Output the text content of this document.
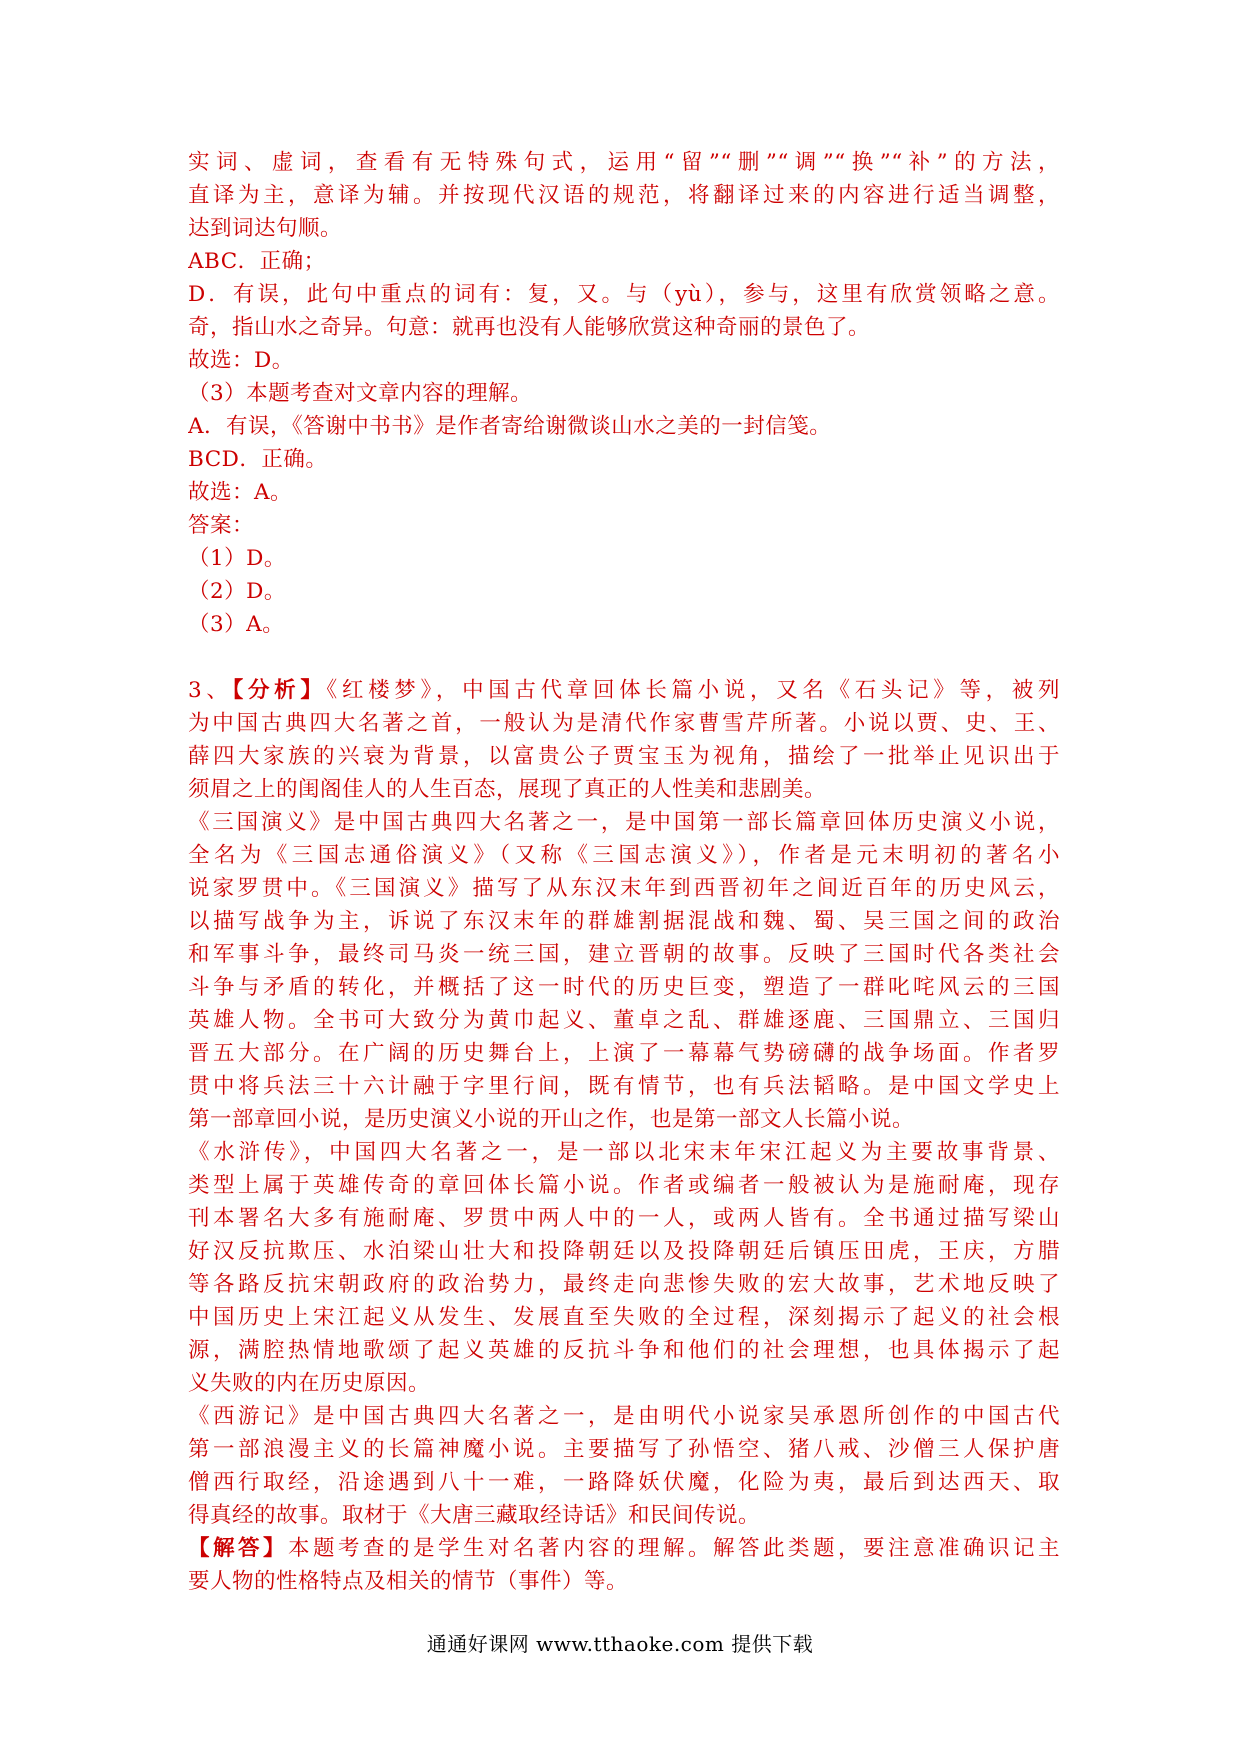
实词、虚词，查看有无特殊句式，运用“留”“删”“调”“换”“补”的方法，
直译为主，意译为辅。并按现代汉语的规范，将翻译过来的内容进行适当调整，
达到词达句顺。
ABC．正确；
D．有误，此句中重点的词有：复，又。与（yù），参与，这里有欣赏领略之意。
奇，指山水之奇异。句意：就再也没有人能够欣赏这种奇丽的景色了。
故选：D。
（3）本题考查对文章内容的理解。
A．有误，《答谢中书书》是作者寄给谢微谈山水之美的一封信笺。
BCD．正确。
故选：A。
答案：
（1）D。
（2）D。
（3）A。
3、【分析】《红楼梦》，中国古代章回体长篇小说，又名《石头记》等，被列
为中国古典四大名著之首，一般认为是清代作家曹雪芹所著。小说以贾、史、王、
薛四大家族的兴衰为背景，以富贵公子贾宝玉为视角，描绘了一批举止见识出于
须眉之上的闺阁佳人的人生百态，展现了真正的人性美和悲剧美。
《三国演义》是中国古典四大名著之一，是中国第一部长篇章回体历史演义小说，
全名为《三国志通俗演义》（又称《三国志演义》），作者是元末明初的著名小
说家罗贯中。《三国演义》描写了从东汉末年到西晋初年之间近百年的历史风云，
以描写战争为主，诉说了东汉末年的群雄割据混战和魏、蜀、吴三国之间的政治
和军事斗争，最终司马炎一统三国，建立晋朝的故事。反映了三国时代各类社会
斗争与矛盾的转化，并概括了这一时代的历史巨变，塑造了一群叱咤风云的三国
英雄人物。全书可大致分为黄巾起义、董卓之乱、群雄逐鹿、三国鼎立、三国归
晋五大部分。在广阔的历史舞台上，上演了一幕幕气势磅礴的战争场面。作者罗
贯中将兵法三十六计融于字里行间，既有情节，也有兵法韬略。是中国文学史上
第一部章回小说，是历史演义小说的开山之作，也是第一部文人长篇小说。
《水浒传》，中国四大名著之一，是一部以北宋末年宋江起义为主要故事背景、
类型上属于英雄传奇的章回体长篇小说。作者或编者一般被认为是施耐庵，现存
刊本署名大多有施耐庵、罗贯中两人中的一人，或两人皆有。全书通过描写梁山
好汉反抗欺压、水泊梁山壮大和投降朝廷以及投降朝廷后镇压田虎，王庆，方腊
等各路反抗宋朝政府的政治势力，最终走向悲惨失败的宏大故事，艺术地反映了
中国历史上宋江起义从发生、发展直至失败的全过程，深刻揭示了起义的社会根
源，满腔热情地歌颂了起义英雄的反抗斗争和他们的社会理想，也具体揭示了起
义失败的内在历史原因。
《西游记》是中国古典四大名著之一，是由明代小说家吴承恩所创作的中国古代
第一部浪漫主义的长篇神魔小说。主要描写了孙悟空、猪八戒、沙僧三人保护唐
僧西行取经，沿途遇到八十一难，一路降妖伏魔，化险为夷，最后到达西天、取
得真经的故事。取材于《大唐三藏取经诗话》和民间传说。
【解答】本题考查的是学生对名著内容的理解。解答此类题，要注意准确识记主
要人物的性格特点及相关的情节（事件）等。
通通好课网 www.tthaoke.com 提供下载
